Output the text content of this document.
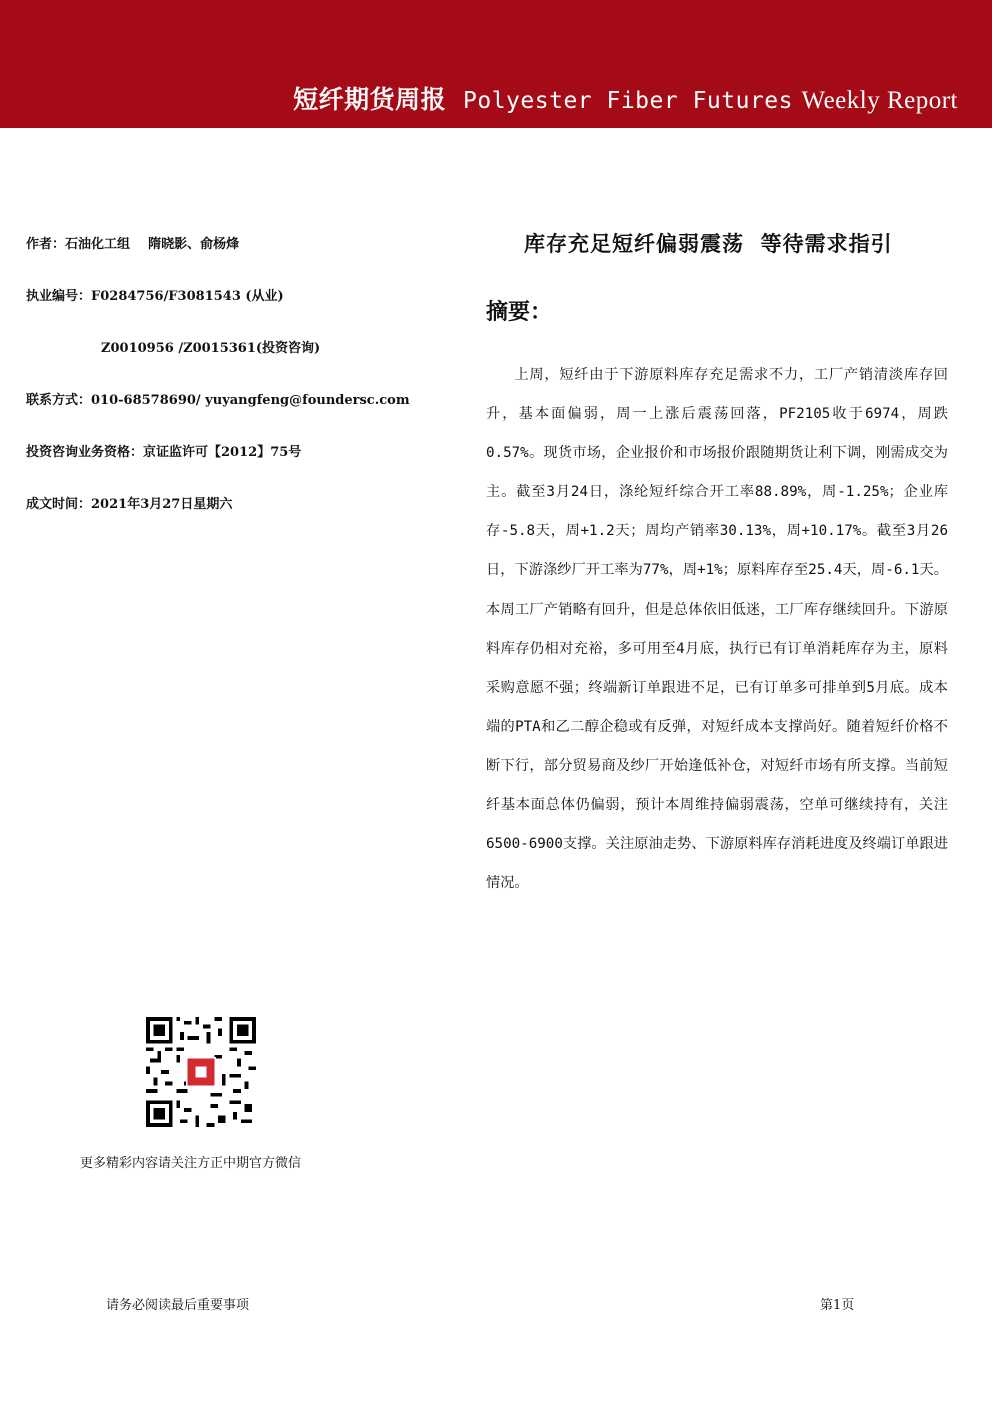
短纤期货周报 Polyester Fiber Futures Weekly Report
作者：石油化工组    隋晓影、俞杨烽
执业编号：F0284756/F3081543 (从业)
Z0010956 /Z0015361(投资咨询)
联系方式：010-68578690/ yuyangfeng@foundersc.com
投资咨询业务资格：京证监许可【2012】75号
成文时间：2021年3月27日星期六
库存充足短纤偏弱震荡  等待需求指引
摘要：
上周，短纤由于下游原料库存充足需求不力，工厂产销清淡库存回升，基本面偏弱，周一上涨后震荡回落，PF2105收于6974，周跌0.57%。现货市场，企业报价和市场报价跟随期货让利下调，刚需成交为主。截至3月24日，涤纶短纤综合开工率88.89%，周-1.25%；企业库存-5.8天，周+1.2天；周均产销率30.13%，周+10.17%。截至3月26日，下游涤纱厂开工率为77%，周+1%；原料库存至25.4天，周-6.1天。本周工厂产销略有回升，但是总体依旧低迷，工厂库存继续回升。下游原料库存仍相对充裕，多可用至4月底，执行已有订单消耗库存为主，原料采购意愿不强；终端新订单跟进不足，已有订单多可排单到5月底。成本端的PTA和乙二醇企稳或有反弹，对短纤成本支撑尚好。随着短纤价格不断下行，部分贸易商及纱厂开始逢低补仓，对短纤市场有所支撑。当前短纤基本面总体仍偏弱，预计本周维持偏弱震荡，空单可继续持有，关注6500-6900支撑。关注原油走势、下游原料库存消耗进度及终端订单跟进情况。
更多精彩内容请关注方正中期官方微信
请务必阅读最后重要事项	第1页
